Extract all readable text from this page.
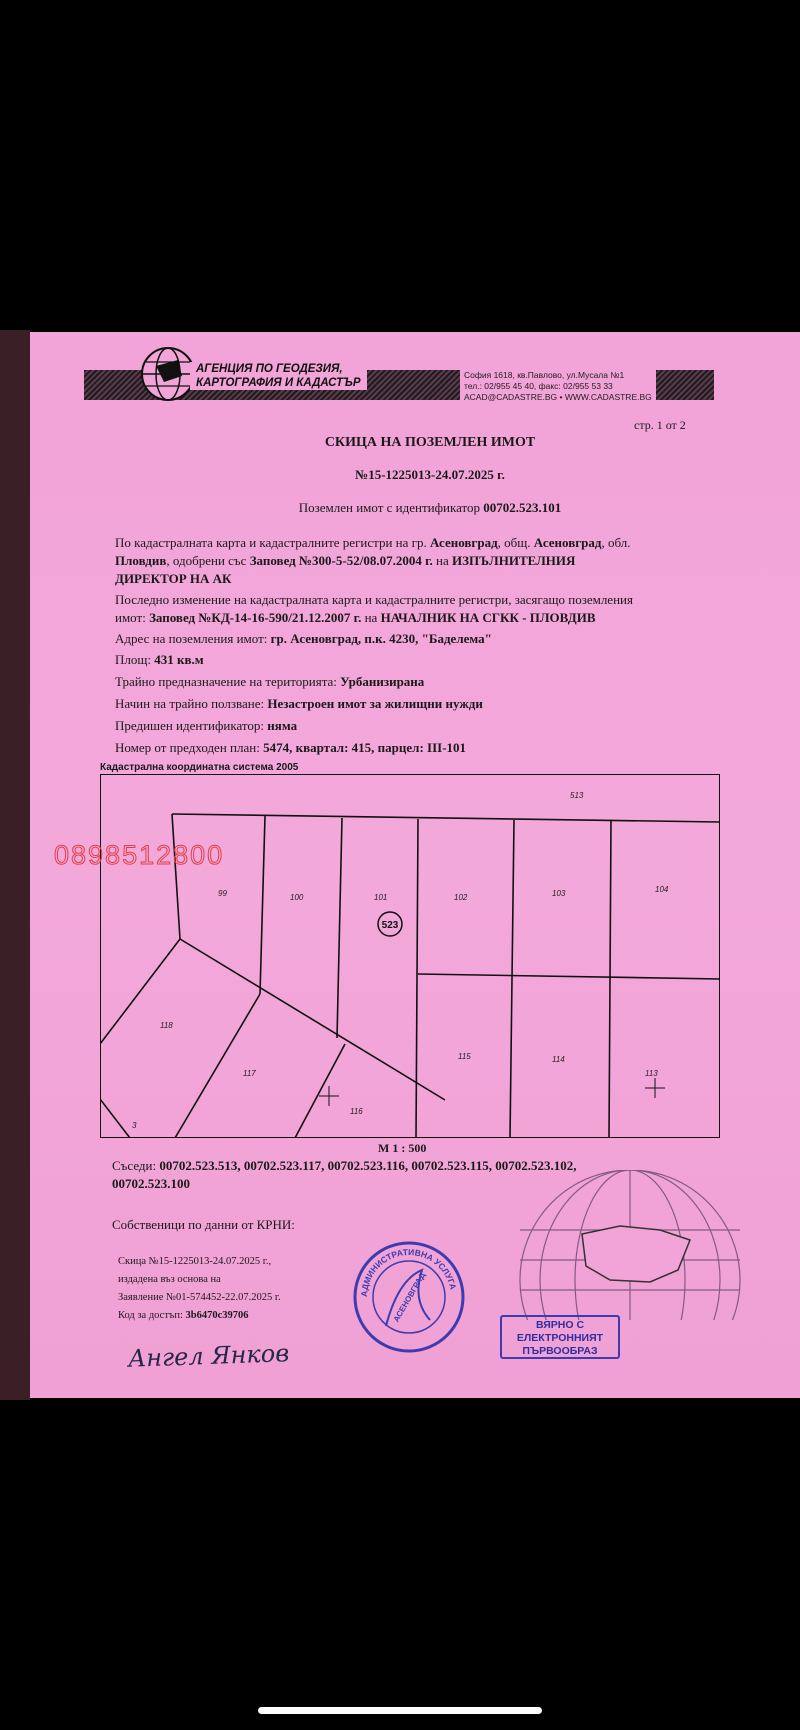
АГЕНЦИЯ ПО ГЕОДЕЗИЯ,
КАРТОГРАФИЯ И КАДАСТЪР
София 1618, кв.Павлово, ул.Мусала №1
тел.: 02/955 45 40, факс: 02/955 53 33
ACAD@CADASTRE.BG • WWW.CADASTRE.BG
стр. 1 от 2
СКИЦА НА ПОЗЕМЛЕН ИМОТ
№15-1225013-24.07.2025 г.
Поземлен имот с идентификатор 00702.523.101
По кадастралната карта и кадастралните регистри на гр. Асеновград, общ. Асеновград, обл.
Пловдив, одобрени със Заповед №300-5-52/08.07.2004 г. на ИЗПЪЛНИТЕЛНИЯ
ДИРЕКТОР НА АК
Последно изменение на кадастралната карта и кадастралните регистри, засягащо поземления
имот: Заповед №КД-14-16-590/21.12.2007 г. на НАЧАЛНИК НА СГКК - ПЛОВДИВ
Адрес на поземления имот: гр. Асеновград, п.к. 4230, "Баделема"
Площ: 431 кв.м
Трайно предназначение на територията: Урбанизирана
Начин на трайно ползване: Незастроен имот за жилищни нужди
Предишен идентификатор: няма
Номер от предходен план: 5474, квартал: 415, парцел: III-101
Кадастрална координатна система 2005
523
513
99	100	101	102	103	104
118
117
116
115	114
113
3
М 1 : 500
Съседи: 00702.523.513, 00702.523.117, 00702.523.116, 00702.523.115, 00702.523.102,
00702.523.100
Собственици по данни от КРНИ:
Скица №15-1225013-24.07.2025 г.,
издадена въз основа на
Заявление №01-574452-22.07.2025 г.
Код за достъп: 3b6470c39706
АДМИНИСТРАТИВНА УСЛУГА
АСЕНОВГРАД
ВЯРНО С
ЕЛЕКТРОННИЯТ
ПЪРВООБРАЗ
Ангел Янков
0898512800
